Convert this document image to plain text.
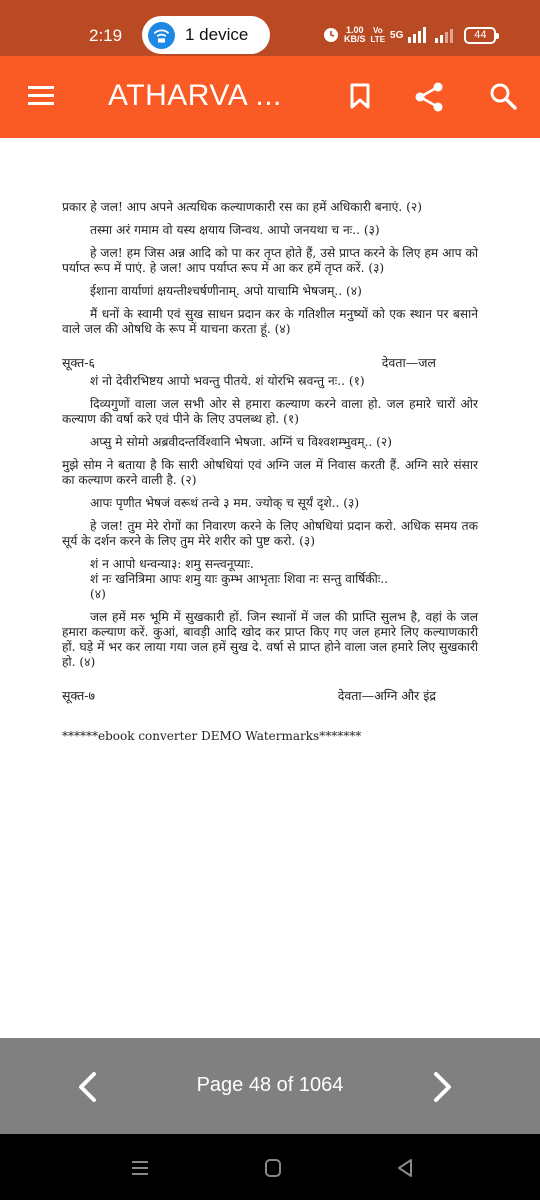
2:19	1 device	1.00
KB/S
Vo
LTE 5G	44
ATHARVA ...

प्रकार हे जल! आप अपने अत्यधिक कल्याणकारी रस का हमें अधिकारी बनाएं. (२)

तस्मा अरं गमाम वो यस्य क्षयाय जिन्वथ. आपो जनयथा च नः.. (३)

हे जल! हम जिस अन्न आदि को पा कर तृप्त होते हैं, उसे प्राप्त करने के लिए हम आप को पर्याप्त रूप में पाएं. हे जल! आप पर्याप्त रूप में आ कर हमें तृप्त करें. (३)

ईशाना वार्याणां क्षयन्तीश्चर्षणीनाम्. अपो याचामि भेषजम्.. (४)

मैं धनों के स्वामी एवं सुख साधन प्रदान कर के गतिशील मनुष्यों को एक स्थान पर बसाने वाले जल की ओषधि के रूप में याचना करता हूं. (४)

सूक्त-६	देवता—जल

शं नो देवीरभिष्टय आपो भवन्तु पीतये. शं योरभि स्रवन्तु नः.. (१)

दिव्यगुणों वाला जल सभी ओर से हमारा कल्याण करने वाला हो. जल हमारे चारों ओर कल्याण की वर्षा करे एवं पीने के लिए उपलब्ध हो. (१)

अप्सु मे सोमो अब्रवीदन्तर्विश्वानि भेषजा. अग्निं च विश्वशम्भुवम्.. (२)

मुझे सोम ने बताया है कि सारी ओषधियां एवं अग्नि जल में निवास करती हैं. अग्नि सारे संसार का कल्याण करने वाली है. (२)

आपः पृणीत भेषजं वरूथं तन्वे ३ मम. ज्योक् च सूर्यं दृशे.. (३)

हे जल! तुम मेरे रोगों का निवारण करने के लिए ओषधियां प्रदान करो. अधिक समय तक सूर्य के दर्शन करने के लिए तुम मेरे शरीर को पुष्ट करो. (३)

शं न आपो धन्वन्या३: शमु सन्त्वनूप्याः.
शं नः खनित्रिमा आपः शमु याः कुम्भ आभृताः शिवा नः सन्तु वार्षिकीः..
(४)

जल हमें मरु भूमि में सुखकारी हों. जिन स्थानों में जल की प्राप्ति सुलभ है, वहां के जल हमारा कल्याण करें. कुआं, बावड़ी आदि खोद कर प्राप्त किए गए जल हमारे लिए कल्याणकारी हों. घड़े में भर कर लाया गया जल हमें सुख दे. वर्षा से प्राप्त होने वाला जल हमारे लिए सुखकारी हो. (४)

सूक्त-७	देवता—अग्नि और इंद्र

******ebook converter DEMO Watermarks*******

Page 48 of 1064
